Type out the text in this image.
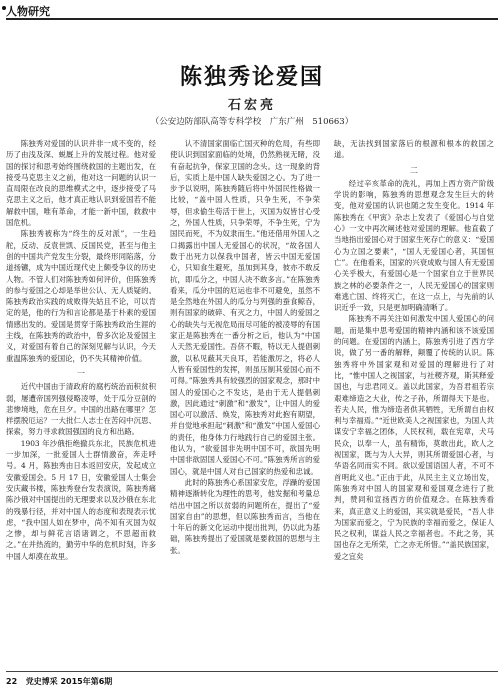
人物研究
陈独秀论爱国
石宏亮
（公安边防部队高等专科学校　广东广州　510663）

陈独秀对爱国的认识并非一成不变的，经历了由浅及深、蜕厩上升的发展过程。他对爱国的探讨和思考始终围绕救国的主题出发，在接受马克思主义之前，他对这一问题的认识一直局限在改良的思维模式之中，逐步接受了马克思主义之后，他才真正地认识到爱国若不能解救中国，唯有革命，才能一新中国，救救中国危机。

陈独秀被称为“终生的反对派”，一生趋舵，反动、反袁世凯、反国民党，甚至与他主创的中国共产党发生分裂，最终形同陷落，分道扬镳，成为中国近现代史上颇受争议的历史人物。不管人们对陈独秀如何评价，但陈独秀的参与爱国之心却是举世公认、无人质疑的。陈独秀政治实践的成败得失姑且不论，可以肯定的是，他的行为和言论都是基于朴素的爱国情感出发的。爱国是贯穿于陈独秀政治生涯的主线，在陈独秀的政治中，曾多次论及爱国主义，对爱国有着自己的深刻见解与认识，今天重温陈独秀的爱国论，仍不失其精神价值。

一

近代中国由于清政府的腐朽统治而积贫积弱，屡遭帝国列强侵略凌辱，处于瓜分豆剖的悲惨境地，危在旦夕。中国的出路在哪里？怎样摆脱厄运？一大批仁人志士在苦闷中沉思、探索，努力寻求救国强国的良方和出路。

1903 年沙俄拒绝撤兵东北，民族危机进一步加深，一批爱国人士群情激奋，奔走呼号。4 月，陈独秀由日本返回安庆，发起成立安徽爱国会。5 月 17 日，安徽爱国人士集会安庆藏书楼，陈独秀登台发表演说，陈独秀痛陈沙俄对中国提出的无理要求以及沙俄在东北的残暴行径，并对中国人的态度和表现表示忧虑，“我中国人如在梦中，尚不知有灭国为奴之惨，却与鲜花言语诸调之，不思超而救之。”在并热流的，勤劳中华的危机时刻，许多中国人却漠在故里。

认不清国家面临亡国灭种的危局，有些即使认识到国家面临的处境，仍然熟视无睹，没有奋起抗争，保家卫国的念头。这一现象的背后，实质上是中国人缺失爱国之心。为了进一步予以说明，陈独秀随后将中外国民性格做一比较，“盖中国人性质，只争生死，不争荣辱，但求偷生苟活于世上，灭国为奴皆甘心受之，外国人性质，只争荣辱，不争生死，宁为国民而死，不为奴隶而生。”他还借用外国人之口揭露出中国人无爱国心的状况，“故各国人数于出死力以保我中国者，皆云中国无爱国心，只知食生避死，虽加到其身，彼亦不敢反抗，即瓜分之，中国人决不敢多言。”在陈独秀看来，瓜分中国的厄运也非不可避免，虽然不是全然地在外国人的瓜分与列强的蚕食鲸吞，则有国家的破碎、有灭之力，中国人的爱国之心的缺失与无视危局而尽可能的被凌辱的有国家正是陈独秀在一番分析之后，他认为“中国人天然无爱国性。吾侪不暇，特以无人提倡刺激，以私见蔽其天良耳，若能激厉之，将必人人皆有爱国性的发挥，则虽压制其爱国心而不可得。”陈独秀具有较强烈的国家观念，那时中国人的爱国心之不发达，是由于无人提倡刺激，因此通过“刺激”和“激发”，让中国人的爱国心可以激活、焕发，陈独秀对此抱有期望，并自觉地承担起“刺激”和“激发”中国人爱国心的责任，他身体力行地践行自己的爱国主张。他认为，“欲爱国非先明中国不可，欲国先明中国非欲固国人爱国心不可。”陈独秀所言的爱国心，就是中国人对自己国家的热爱和忠诚。

此时的陈独秀心系国家安危，浮躁的爱国精神逐渐转化为理性的思考，他发掘和考量总结出中国之所以贫弱的问题所在，提出了“爱国家自由”的思想，但以陈独秀而言，当他在十年后的新文化运动中提出批判，仍以此为基础，陈独秀提出了爱国就是要救国的思想与主张。

缺，无法找到国家落后的根源和根本的救国之道。

二

经过辛亥革命的洗礼，再加上西方资产阶级学说的影响，陈独秀的思想观念发生巨大的转变，他对爱国的认识也随之发生变化。1914 年陈独秀在《甲寅》杂志上发表了《爱国心与自觉心》一文中再次阐述他对爱国的理解。他直截了当地指出爱国心对于国家生死存亡的意义：“爱国心为立国之要素”，“国人无爱国心者，其国恒亡”。在他看来，国家的兴衰成败与国人有无爱国心关乎极大，有爱国心是一个国家自立于世界民族之林的必要条件之一，人民无爱国心的国家则难逃亡国、终将灭亡，在这一点上，与先前的认识近乎一致，只是更加明确清晰了。

陈独秀不再关注如何激发中国人爱国心的问题，而是集中思考爱国的精神内涵和该不该爱国的问题。在爱国的内涵上，陈独秀引进了西方学说，做了另一番的解释，颠覆了传统的认识。陈独秀将中外国家观和对爱国的理解进行了对比，“惟中国人之视国家，与社稷齐观，斯其释爱国也，与忠君同义。盖以此国家，为吾君祖若宗艰难缔造之大业，传之子孙，所谓得天下是也。若夫人民，惟为缔造者供其牺牲，无所谓自由权利与幸福焉。”“近世欧美人之视国家也，为国人共谋安宁幸福之团体，人民权利，载在宪章，犬马民众，以奉一人，虽有精饰，莫敢出此，欧人之视国家，既与为人大异，则其所谓爱国心者，与华语名同而实不同。欲以爱国语国人者，不可不首明此义也。”正由于此，从民主主义立场出发，陈独秀对中国人的国家观和爱国观念进行了批判，赞同和宣扬西方的价值观念。在陈独秀看来，真正意义上的爱国，其实就是爱民，“吾人非为国家而爱之，宁为民族的幸福而爱之，保证人民之权利，谋益人民之幸福者也。不此之务，其国也存之无所荣，亡之亦无所惜。”“盖民族国家，爱之宜矣

22 党史博采 2015年第6期
